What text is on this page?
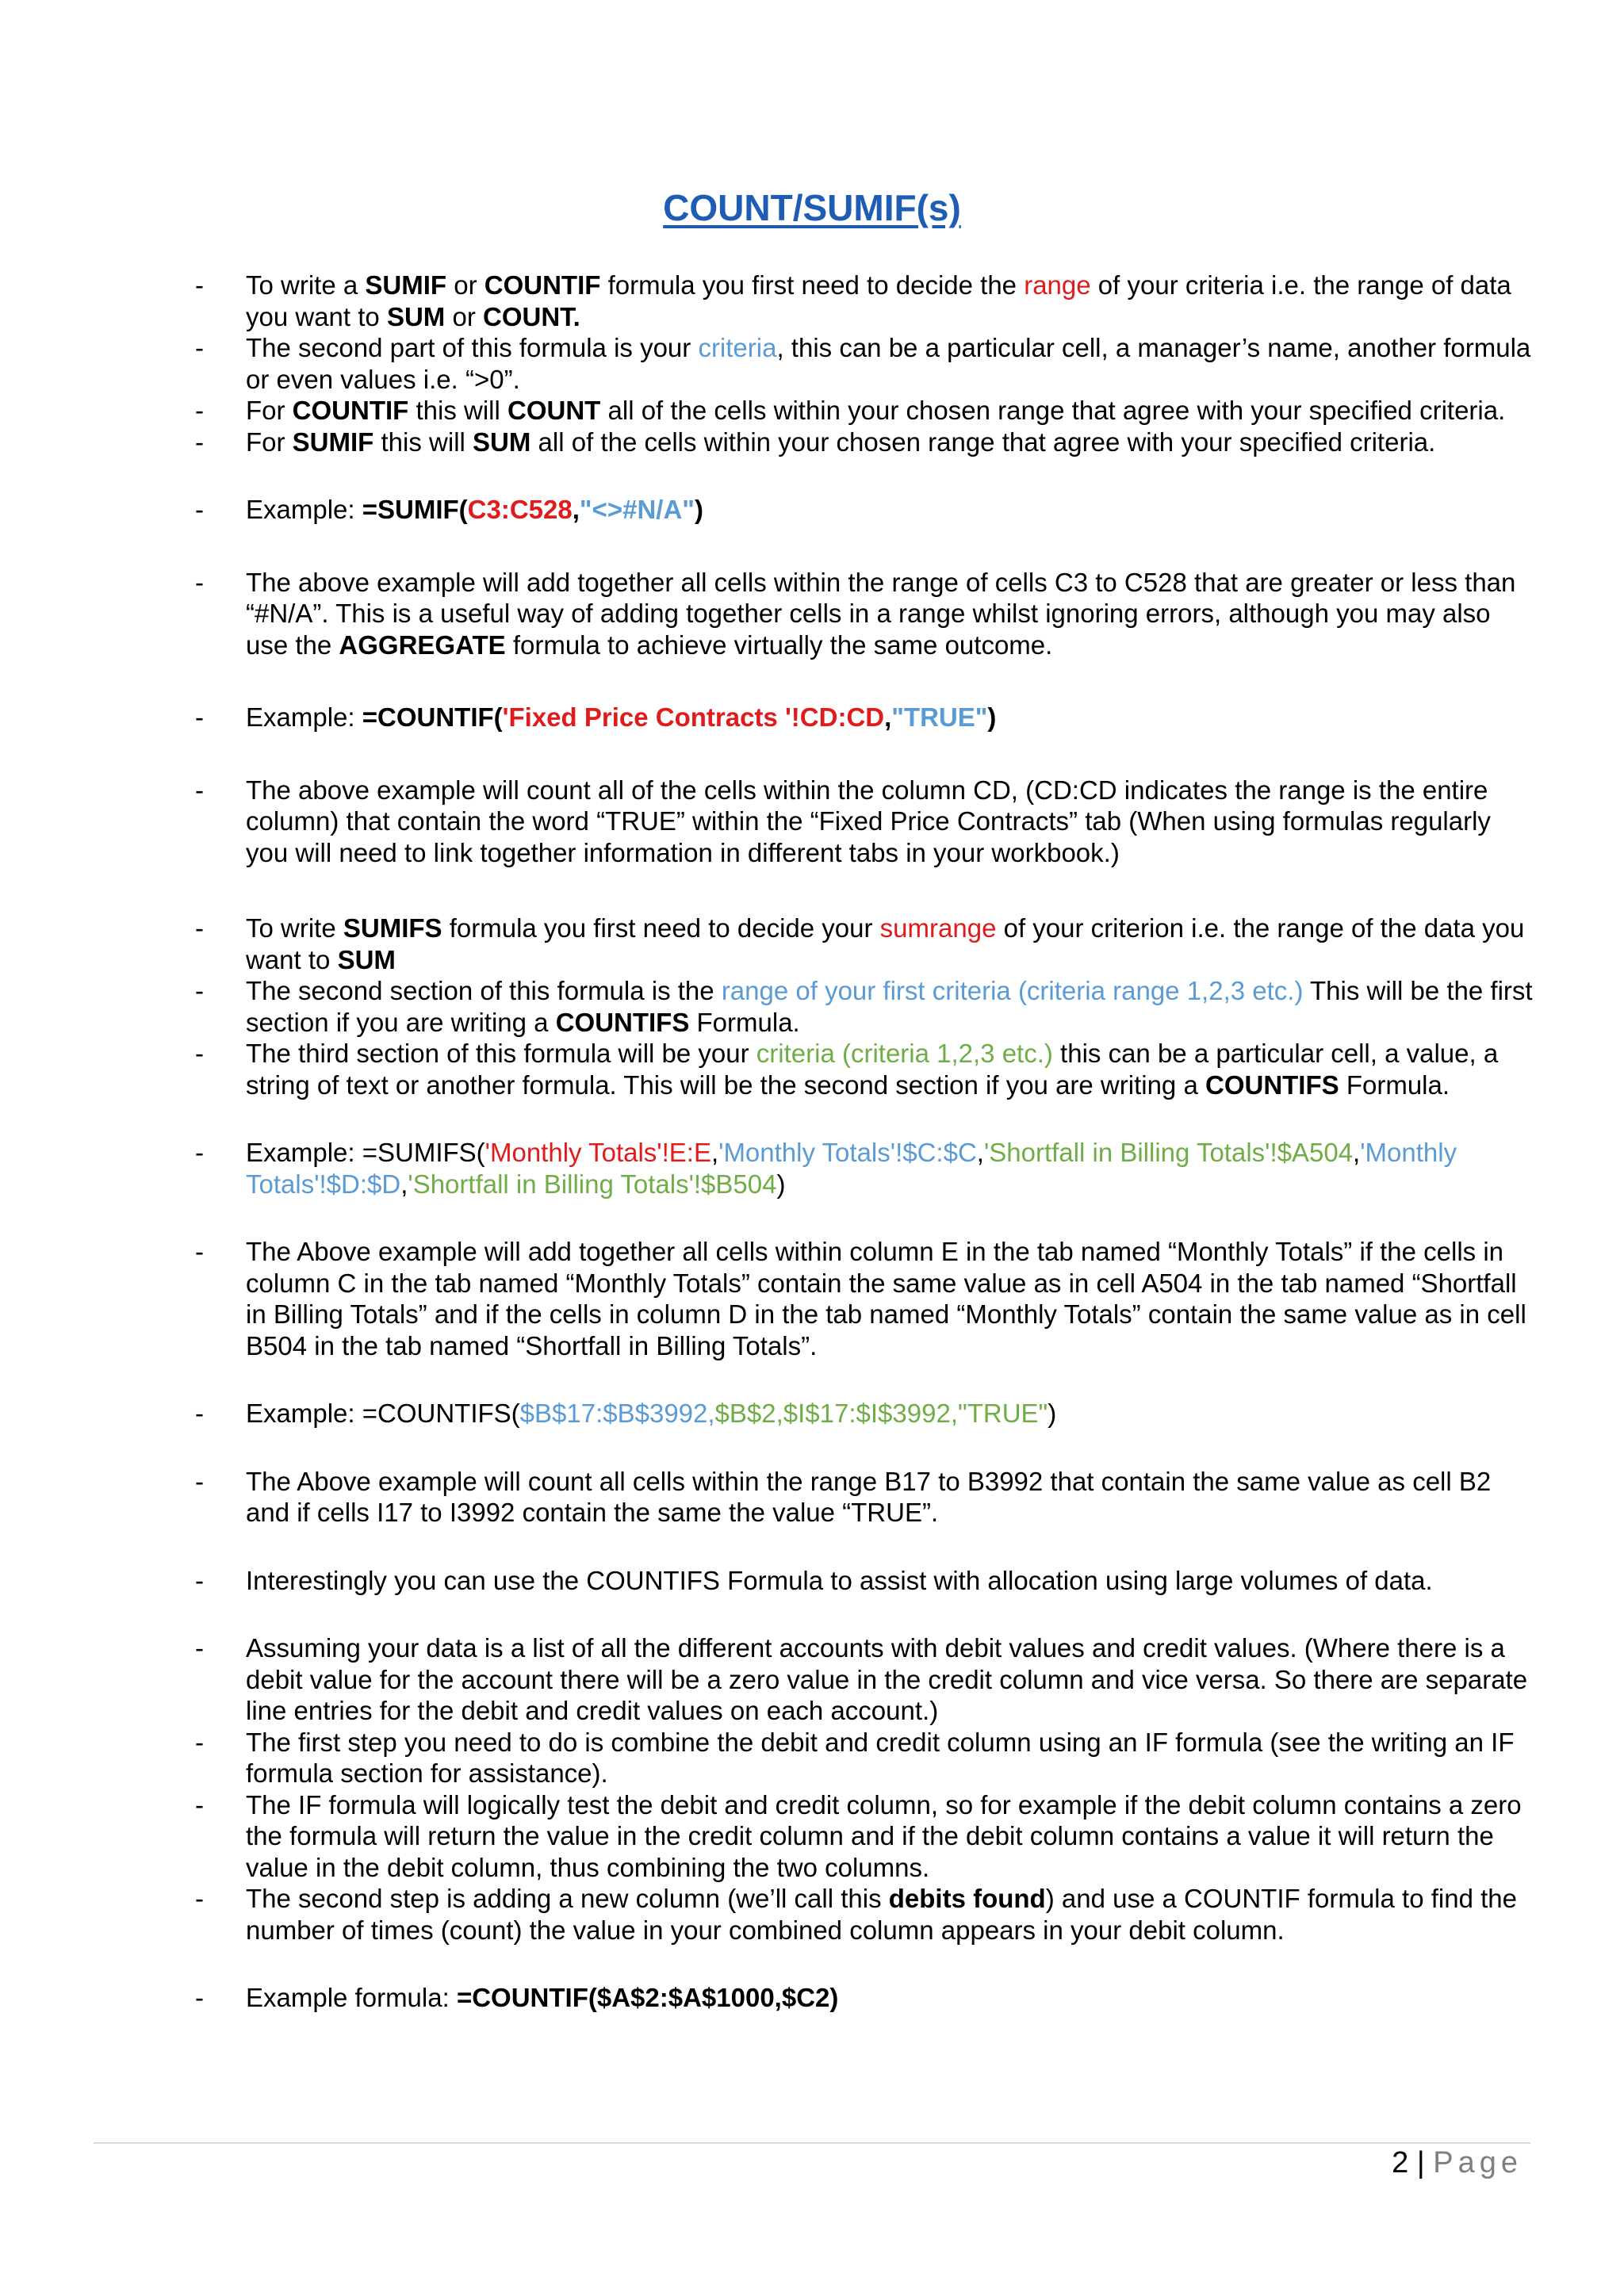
COUNT/SUMIF(s)
- To write a SUMIF or COUNTIF formula you first need to decide the range of your criteria i.e. the range of data you want to SUM or COUNT.
- The second part of this formula is your criteria, this can be a particular cell, a manager’s name, another formula or even values i.e. “>0”.
- For COUNTIF this will COUNT all of the cells within your chosen range that agree with your specified criteria.
- For SUMIF this will SUM all of the cells within your chosen range that agree with your specified criteria.
- Example: =SUMIF(C3:C528,"<>#N/A")
- The above example will add together all cells within the range of cells C3 to C528 that are greater or less than “#N/A”. This is a useful way of adding together cells in a range whilst ignoring errors, although you may also use the AGGREGATE formula to achieve virtually the same outcome.
- Example: =COUNTIF('Fixed Price Contracts '!CD:CD,"TRUE")
- The above example will count all of the cells within the column CD, (CD:CD indicates the range is the entire column) that contain the word “TRUE” within the “Fixed Price Contracts” tab (When using formulas regularly you will need to link together information in different tabs in your workbook.)
- To write SUMIFS formula you first need to decide your sumrange of your criterion i.e. the range of the data you want to SUM
- The second section of this formula is the range of your first criteria (criteria range 1,2,3 etc.) This will be the first section if you are writing a COUNTIFS Formula.
- The third section of this formula will be your criteria (criteria 1,2,3 etc.) this can be a particular cell, a value, a string of text or another formula. This will be the second section if you are writing a COUNTIFS Formula.
- Example: =SUMIFS('Monthly Totals'!E:E,'Monthly Totals'!$C:$C,'Shortfall in Billing Totals'!$A504,'Monthly Totals'!$D:$D,'Shortfall in Billing Totals'!$B504)
- The Above example will add together all cells within column E in the tab named “Monthly Totals” if the cells in column C in the tab named “Monthly Totals” contain the same value as in cell A504 in the tab named “Shortfall in Billing Totals” and if the cells in column D in the tab named “Monthly Totals” contain the same value as in cell B504 in the tab named “Shortfall in Billing Totals”.
- Example: =COUNTIFS($B$17:$B$3992,$B$2,$I$17:$I$3992,"TRUE")
- The Above example will count all cells within the range B17 to B3992 that contain the same value as cell B2 and if cells I17 to I3992 contain the same the value “TRUE”.
- Interestingly you can use the COUNTIFS Formula to assist with allocation using large volumes of data.
- Assuming your data is a list of all the different accounts with debit values and credit values. (Where there is a debit value for the account there will be a zero value in the credit column and vice versa. So there are separate line entries for the debit and credit values on each account.)
- The first step you need to do is combine the debit and credit column using an IF formula (see the writing an IF formula section for assistance).
- The IF formula will logically test the debit and credit column, so for example if the debit column contains a zero the formula will return the value in the credit column and if the debit column contains a value it will return the value in the debit column, thus combining the two columns.
- The second step is adding a new column (we’ll call this debits found) and use a COUNTIF formula to find the number of times (count) the value in your combined column appears in your debit column.
- Example formula: =COUNTIF($A$2:$A$1000,$C2)
2 | Page
